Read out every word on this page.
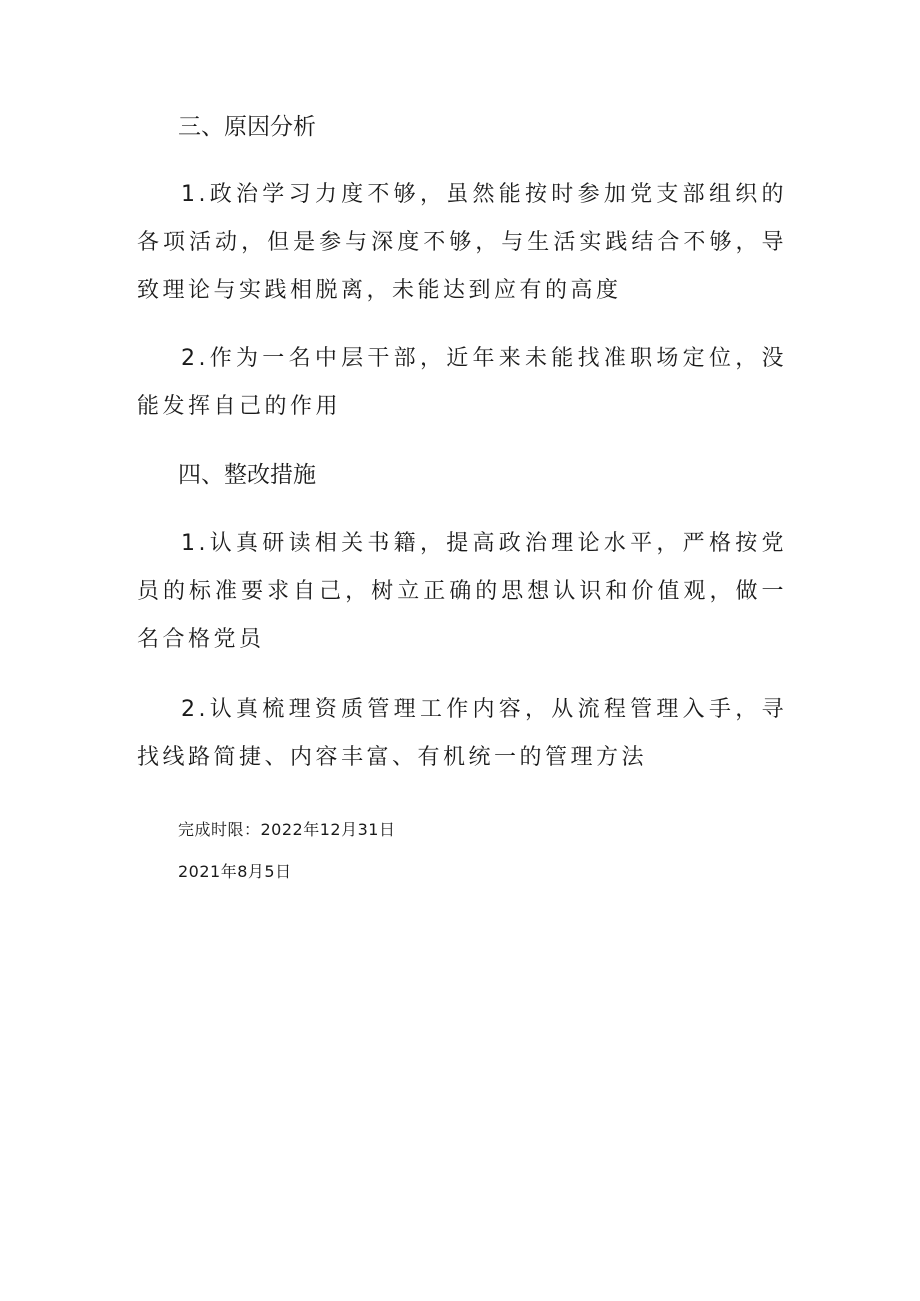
三、原因分析
1.政治学习力度不够，虽然能按时参加党支部组织的各项活动，但是参与深度不够，与生活实践结合不够，导致理论与实践相脱离，未能达到应有的高度
2.作为一名中层干部，近年来未能找准职场定位，没能发挥自己的作用
四、整改措施
1.认真研读相关书籍，提高政治理论水平，严格按党员的标准要求自己，树立正确的思想认识和价值观，做一名合格党员
2.认真梳理资质管理工作内容，从流程管理入手，寻找线路简捷、内容丰富、有机统一的管理方法
完成时限：2022年12月31日
2021年8月5日
